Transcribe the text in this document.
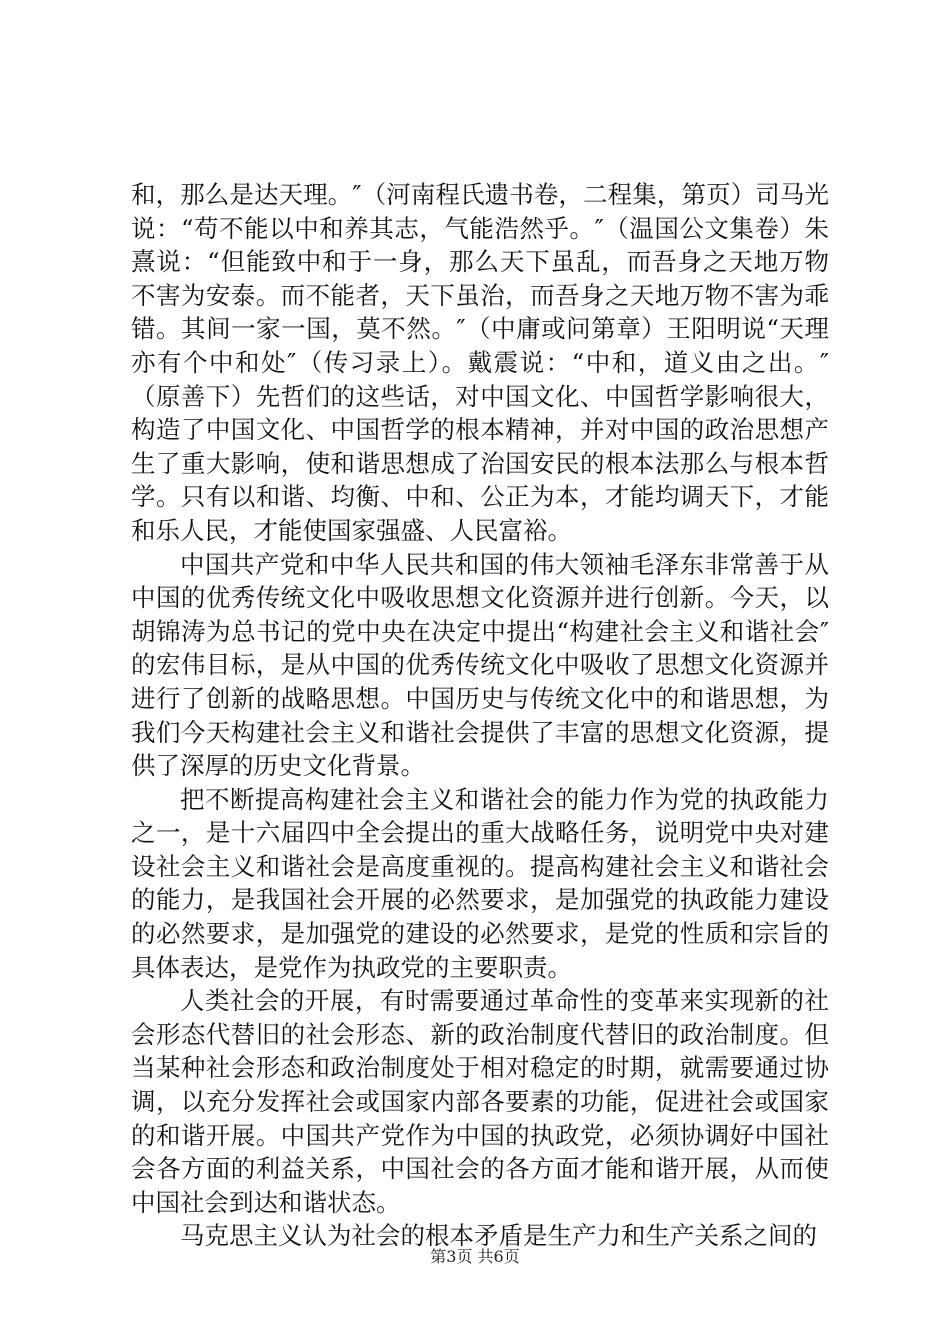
和，那么是达天理。″（河南程氏遗书卷，二程集，第页）司马光说：“苟不能以中和养其志，气能浩然乎。″（温国公文集卷）朱熹说：“但能致中和于一身，那么天下虽乱，而吾身之天地万物不害为安泰。而不能者，天下虽治，而吾身之天地万物不害为乖错。其间一家一国，莫不然。″（中庸或问第章）王阳明说“天理亦有个中和处″（传习录上）。戴震说：“中和，道义由之出。″（原善下）先哲们的这些话，对中国文化、中国哲学影响很大，构造了中国文化、中国哲学的根本精神，并对中国的政治思想产生了重大影响，使和谐思想成了治国安民的根本法那么与根本哲学。只有以和谐、均衡、中和、公正为本，才能均调天下，才能和乐人民，才能使国家强盛、人民富裕。

中国共产党和中华人民共和国的伟大领袖毛泽东非常善于从中国的优秀传统文化中吸收思想文化资源并进行创新。今天，以胡锦涛为总书记的党中央在决定中提出“构建社会主义和谐社会″的宏伟目标，是从中国的优秀传统文化中吸收了思想文化资源并进行了创新的战略思想。中国历史与传统文化中的和谐思想，为我们今天构建社会主义和谐社会提供了丰富的思想文化资源，提供了深厚的历史文化背景。

把不断提高构建社会主义和谐社会的能力作为党的执政能力之一，是十六届四中全会提出的重大战略任务，说明党中央对建设社会主义和谐社会是高度重视的。提高构建社会主义和谐社会的能力，是我国社会开展的必然要求，是加强党的执政能力建设的必然要求，是加强党的建设的必然要求，是党的性质和宗旨的具体表达，是党作为执政党的主要职责。

人类社会的开展，有时需要通过革命性的变革来实现新的社会形态代替旧的社会形态、新的政治制度代替旧的政治制度。但当某种社会形态和政治制度处于相对稳定的时期，就需要通过协调，以充分发挥社会或国家内部各要素的功能，促进社会或国家的和谐开展。中国共产党作为中国的执政党，必须协调好中国社会各方面的利益关系，中国社会的各方面才能和谐开展，从而使中国社会到达和谐状态。

马克思主义认为社会的根本矛盾是生产力和生产关系之间的

第3页 共6页
